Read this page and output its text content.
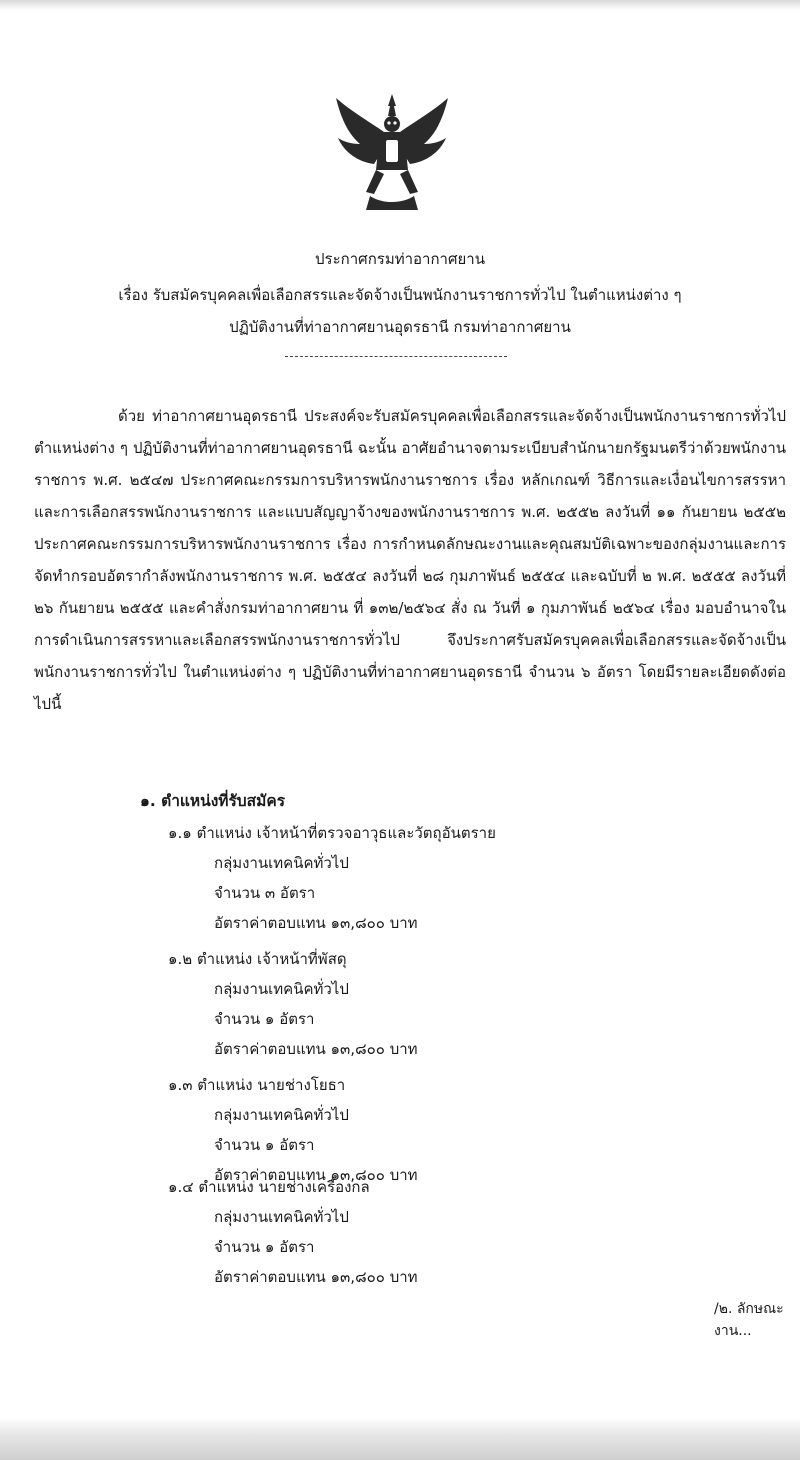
ประกาศกรมท่าอากาศยาน
เรื่อง รับสมัครบุคคลเพื่อเลือกสรรและจัดจ้างเป็นพนักงานราชการทั่วไป ในตำแหน่งต่าง ๆ
ปฏิบัติงานที่ท่าอากาศยานอุดรธานี กรมท่าอากาศยาน
ด้วย ท่าอากาศยานอุดรธานี ประสงค์จะรับสมัครบุคคลเพื่อเลือกสรรและจัดจ้างเป็นพนักงานราชการทั่วไป ตำแหน่งต่าง ๆ ปฏิบัติงานที่ท่าอากาศยานอุดรธานี ฉะนั้น อาศัยอำนาจตามระเบียบสำนักนายกรัฐมนตรีว่าด้วยพนักงานราชการ พ.ศ. ๒๕๔๗ ประกาศคณะกรรมการบริหารพนักงานราชการ เรื่อง หลักเกณฑ์ วิธีการและเงื่อนไขการสรรหาและการเลือกสรรพนักงานราชการ และแบบสัญญาจ้างของพนักงานราชการ พ.ศ. ๒๕๕๒ ลงวันที่ ๑๑ กันยายน ๒๕๕๒ ประกาศคณะกรรมการบริหารพนักงานราชการ เรื่อง การกำหนดลักษณะงานและคุณสมบัติเฉพาะของกลุ่มงานและการจัดทำกรอบอัตรากำลังพนักงานราชการ พ.ศ. ๒๕๕๔ ลงวันที่ ๒๘ กุมภาพันธ์ ๒๕๕๔ และฉบับที่ ๒ พ.ศ. ๒๕๕๕ ลงวันที่ ๒๖ กันยายน ๒๕๕๕ และคำสั่งกรมท่าอากาศยาน ที่ ๑๓๒/๒๕๖๔ สั่ง ณ วันที่ ๑ กุมภาพันธ์ ๒๕๖๔ เรื่อง มอบอำนาจในการดำเนินการสรรหาและเลือกสรรพนักงานราชการทั่วไป จึงประกาศรับสมัครบุคคลเพื่อเลือกสรรและจัดจ้างเป็นพนักงานราชการทั่วไป ในตำแหน่งต่าง ๆ ปฏิบัติงานที่ท่าอากาศยานอุดรธานี จำนวน ๖ อัตรา โดยมีรายละเอียดดังต่อไปนี้
๑. ตำแหน่งที่รับสมัคร
๑.๑ ตำแหน่ง เจ้าหน้าที่ตรวจอาวุธและวัตถุอันตราย
กลุ่มงานเทคนิคทั่วไป
จำนวน ๓ อัตรา
อัตราค่าตอบแทน ๑๓,๘๐๐ บาท
๑.๒ ตำแหน่ง เจ้าหน้าที่พัสดุ
กลุ่มงานเทคนิคทั่วไป
จำนวน ๑ อัตรา
อัตราค่าตอบแทน ๑๓,๘๐๐ บาท
๑.๓ ตำแหน่ง นายช่างโยธา
กลุ่มงานเทคนิคทั่วไป
จำนวน ๑ อัตรา
อัตราค่าตอบแทน ๑๓,๘๐๐ บาท
๑.๔ ตำแหน่ง นายช่างเครื่องกล
กลุ่มงานเทคนิคทั่วไป
จำนวน ๑ อัตรา
อัตราค่าตอบแทน ๑๓,๘๐๐ บาท
/๒. ลักษณะงาน...
